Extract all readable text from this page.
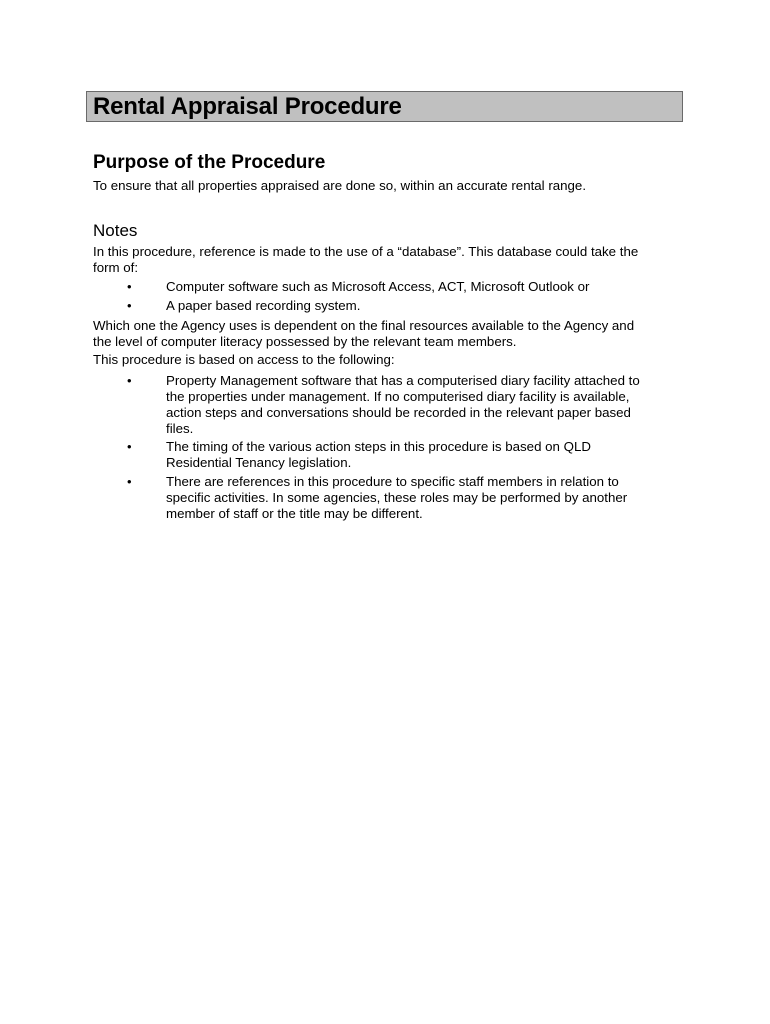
Rental Appraisal Procedure
Purpose of the Procedure
To ensure that all properties appraised are done so, within an accurate rental range.
Notes
In this procedure, reference is made to the use of a “database”. This database could take the
form of:
•	Computer software such as Microsoft Access, ACT, Microsoft Outlook or
•	A paper based recording system.
Which one the Agency uses is dependent on the final resources available to the Agency and
the level of computer literacy possessed by the relevant team members.
This procedure is based on access to the following:
•	Property Management software that has a computerised diary facility attached to
the properties under management. If no computerised diary facility is available,
action steps and conversations should be recorded in the relevant paper based
files.
•	The timing of the various action steps in this procedure is based on QLD
Residential Tenancy legislation.
•	There are references in this procedure to specific staff members in relation to
specific activities. In some agencies, these roles may be performed by another
member of staff or the title may be different.
